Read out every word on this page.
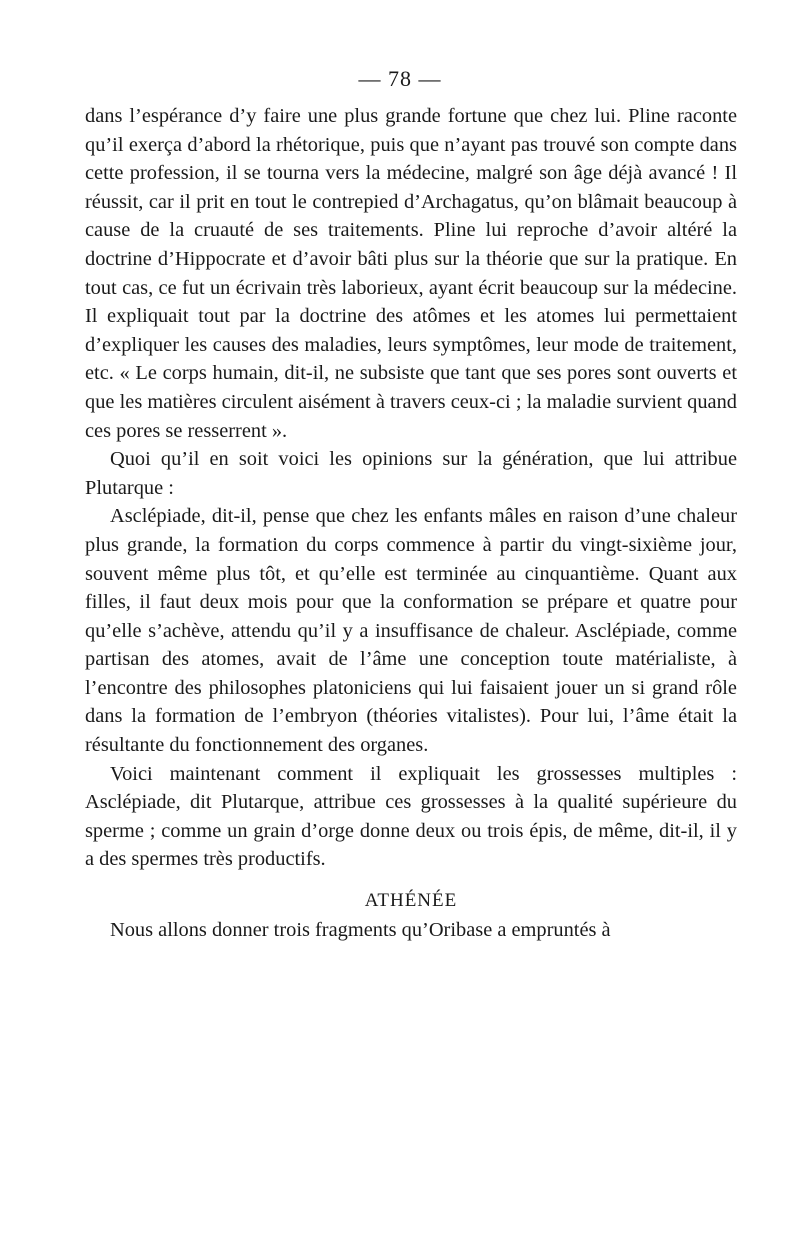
— 78 —

dans l’espérance d’y faire une plus grande fortune que chez lui. Pline raconte qu’il exerça d’abord la rhétorique, puis que n’ayant pas trouvé son compte dans cette profession, il se tourna vers la médecine, malgré son âge déjà avancé ! Il réussit, car il prit en tout le contrepied d’Archagatus, qu’on blâmait beaucoup à cause de la cruauté de ses traitements. Pline lui reproche d’avoir altéré la doctrine d’Hippocrate et d’avoir bâti plus sur la théorie que sur la pratique. En tout cas, ce fut un écrivain très laborieux, ayant écrit beaucoup sur la médecine. Il expliquait tout par la doctrine des atômes et les atomes lui permettaient d’expliquer les causes des maladies, leurs symptômes, leur mode de traitement, etc. « Le corps humain, dit-il, ne subsiste que tant que ses pores sont ouverts et que les matières circulent aisément à travers ceux-ci ; la maladie survient quand ces pores se resserrent ».

Quoi qu’il en soit voici les opinions sur la génération, que lui attribue Plutarque :

Asclépiade, dit-il, pense que chez les enfants mâles en raison d’une chaleur plus grande, la formation du corps commence à partir du vingt-sixième jour, souvent même plus tôt, et qu’elle est terminée au cinquantième. Quant aux filles, il faut deux mois pour que la conformation se prépare et quatre pour qu’elle s’achève, attendu qu’il y a insuffisance de chaleur. Asclépiade, comme partisan des atomes, avait de l’âme une conception toute matérialiste, à l’encontre des philosophes platoniciens qui lui faisaient jouer un si grand rôle dans la formation de l’embryon (théories vitalistes). Pour lui, l’âme était la résultante du fonctionnement des organes.

Voici maintenant comment il expliquait les grossesses multiples : Asclépiade, dit Plutarque, attribue ces grossesses à la qualité supérieure du sperme ; comme un grain d’orge donne deux ou trois épis, de même, dit-il, il y a des spermes très productifs.

ATHÉNÉE

Nous allons donner trois fragments qu’Oribase a empruntés à
